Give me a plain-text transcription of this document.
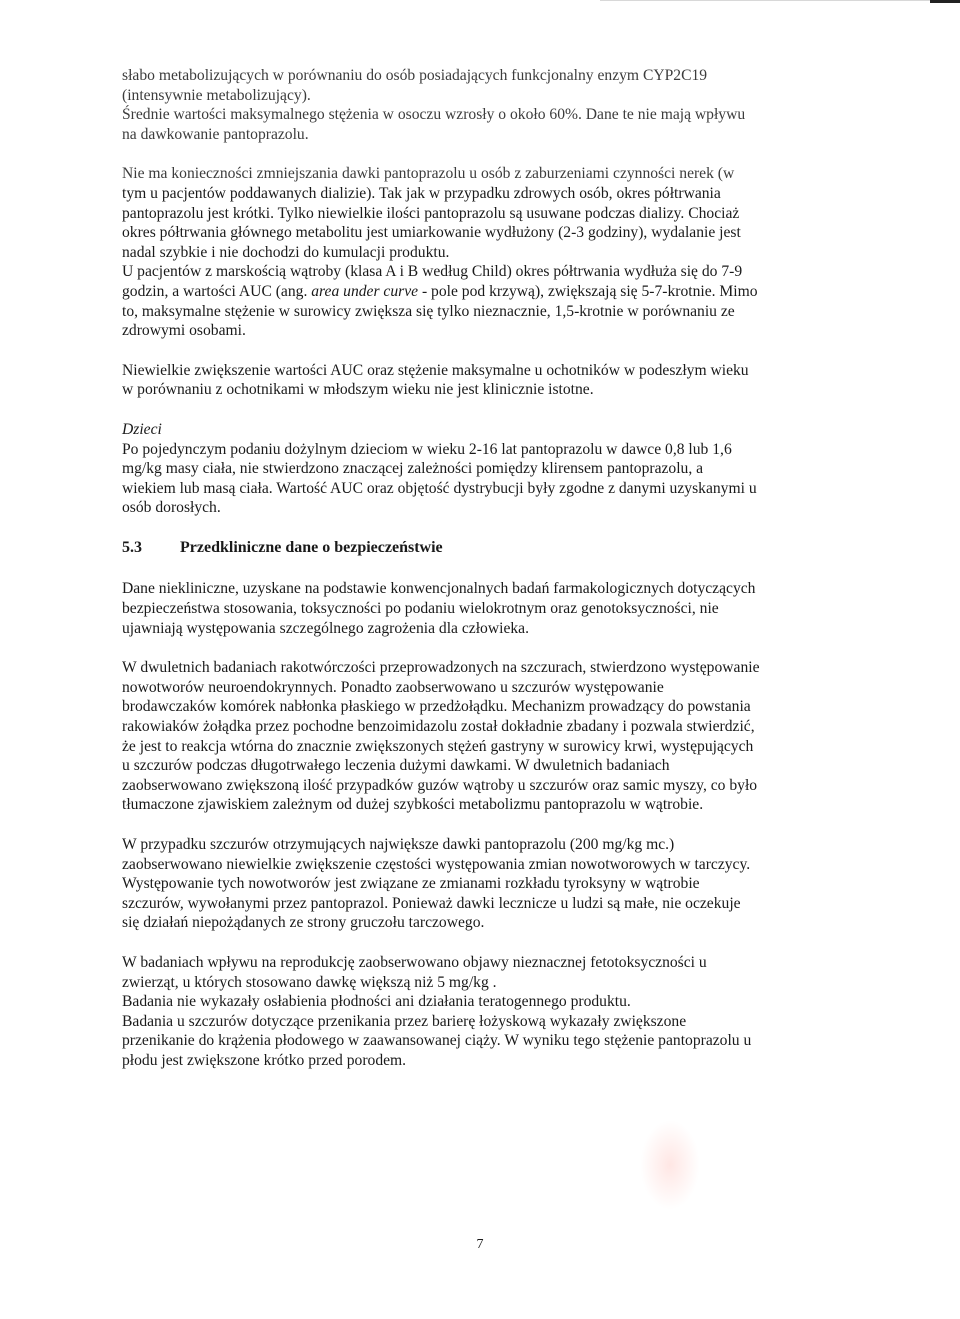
słabo metabolizujących w porównaniu do osób posiadających funkcjonalny enzym CYP2C19
(intensywnie metabolizujący).
Średnie wartości maksymalnego stężenia w osoczu wzrosły o około 60%. Dane te nie mają wpływu
na dawkowanie pantoprazolu.
Nie ma konieczności zmniejszania dawki pantoprazolu u osób z zaburzeniami czynności nerek (w
tym u pacjentów poddawanych dializie). Tak jak w przypadku zdrowych osób, okres półtrwania
pantoprazolu jest krótki. Tylko niewielkie ilości pantoprazolu są usuwane podczas dializy. Chociaż
okres półtrwania głównego metabolitu jest umiarkowanie wydłużony (2-3 godziny), wydalanie jest
nadal szybkie i nie dochodzi do kumulacji produktu.
U pacjentów z marskością wątroby (klasa A i B według Child) okres półtrwania wydłuża się do 7-9
godzin, a wartości AUC (ang. area under curve - pole pod krzywą), zwiększają się 5-7-krotnie. Mimo
to, maksymalne stężenie w surowicy zwiększa się tylko nieznacznie, 1,5-krotnie w porównaniu ze
zdrowymi osobami.
Niewielkie zwiększenie wartości AUC oraz stężenie maksymalne u ochotników w podeszłym wieku
w porównaniu z ochotnikami w młodszym wieku nie jest klinicznie istotne.
Dzieci
Po pojedynczym podaniu dożylnym dzieciom w wieku 2-16 lat pantoprazolu w dawce 0,8 lub 1,6
mg/kg masy ciała, nie stwierdzono znaczącej zależności pomiędzy klirensem pantoprazolu, a
wiekiem lub masą ciała. Wartość AUC oraz objętość dystrybucji były zgodne z danymi uzyskanymi u
osób dorosłych.
5.3	Przedkliniczne dane o bezpieczeństwie
Dane niekliniczne, uzyskane na podstawie konwencjonalnych badań farmakologicznych dotyczących
bezpieczeństwa stosowania, toksyczności po podaniu wielokrotnym oraz genotoksyczności, nie
ujawniają występowania szczególnego zagrożenia dla człowieka.
W dwuletnich badaniach rakotwórczości przeprowadzonych na szczurach, stwierdzono występowanie
nowotworów neuroendokrynnych. Ponadto zaobserwowano u szczurów występowanie
brodawczaków komórek nabłonka płaskiego w przedżołądku. Mechanizm prowadzący do powstania
rakowiaków żołądka przez pochodne benzoimidazolu został dokładnie zbadany i pozwala stwierdzić,
że jest to reakcja wtórna do znacznie zwiększonych stężeń gastryny w surowicy krwi, występujących
u szczurów podczas długotrwałego leczenia dużymi dawkami. W dwuletnich badaniach
zaobserwowano zwiększoną ilość przypadków guzów wątroby u szczurów oraz samic myszy, co było
tłumaczone zjawiskiem zależnym od dużej szybkości metabolizmu pantoprazolu w wątrobie.
W przypadku szczurów otrzymujących największe dawki pantoprazolu (200 mg/kg mc.)
zaobserwowano niewielkie zwiększenie częstości występowania zmian nowotworowych w tarczycy.
Występowanie tych nowotworów jest związane ze zmianami rozkładu tyroksyny w wątrobie
szczurów, wywołanymi przez pantoprazol. Ponieważ dawki lecznicze u ludzi są małe, nie oczekuje
się działań niepożądanych ze strony gruczołu tarczowego.
W badaniach wpływu na reprodukcję zaobserwowano objawy nieznacznej fetotoksyczności u
zwierząt, u których stosowano dawkę większą niż 5 mg/kg .
Badania nie wykazały osłabienia płodności ani działania teratogennego produktu.
Badania u szczurów dotyczące przenikania przez barierę łożyskową wykazały zwiększone
przenikanie do krążenia płodowego w zaawansowanej ciąży. W wyniku tego stężenie pantoprazolu u
płodu jest zwiększone krótko przed porodem.
7
